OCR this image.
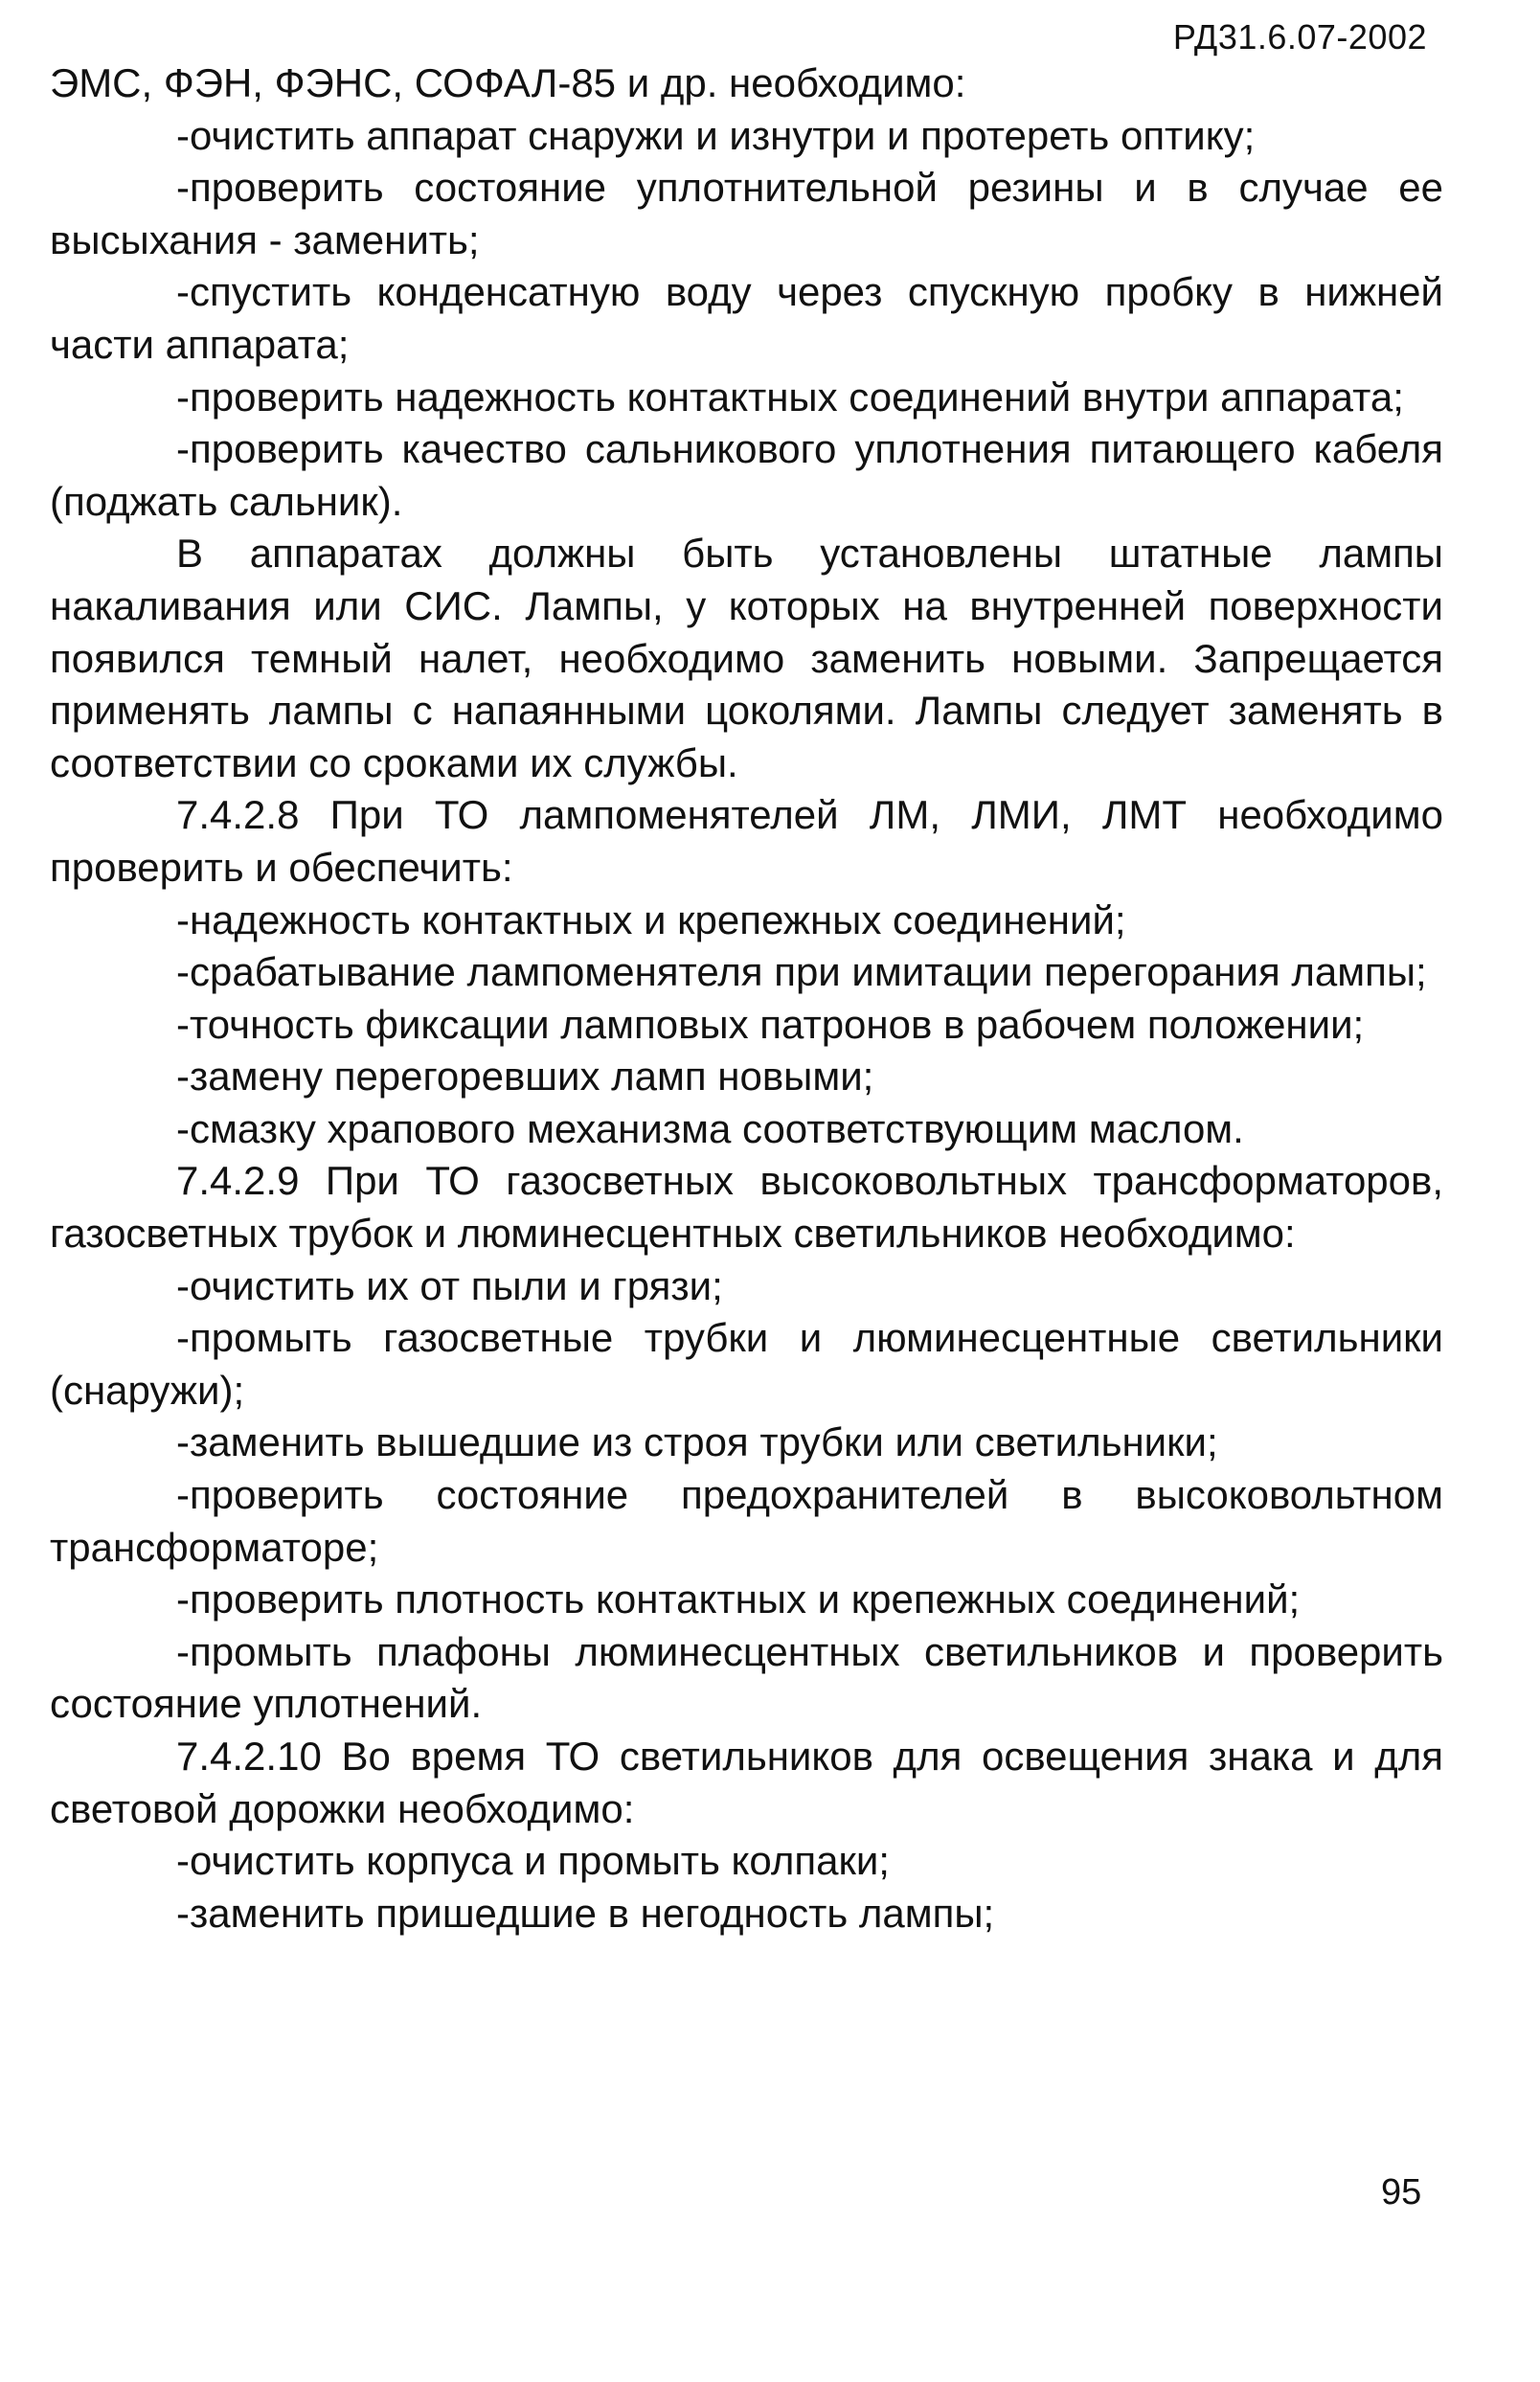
РД31.6.07-2002

ЭМС, ФЭН, ФЭНС, СОФАЛ-85 и др. необходимо:

-очистить аппарат снаружи и изнутри и протереть оптику;

-проверить состояние уплотнительной резины и в случае ее высыхания - заменить;

-спустить конденсатную воду через спускную пробку в нижней части аппарата;

-проверить надежность контактных соединений внутри аппарата;

-проверить качество сальникового уплотнения питающего кабеля (поджать сальник).

В аппаратах должны быть установлены штатные лампы накаливания или СИС. Лампы, у которых на внутренней поверхности появился темный налет, необходимо заменить новыми. Запрещается применять лампы с напаянными цоколями. Лампы следует заменять в соответствии со сроками их службы.

7.4.2.8 При ТО лампоменятелей ЛМ, ЛМИ, ЛМТ необходимо проверить и обеспечить:

-надежность контактных и крепежных соединений;

-срабатывание лампоменятеля при имитации перегорания лампы;

-точность фиксации ламповых патронов в рабочем положении;

-замену перегоревших ламп новыми;

-смазку храпового механизма соответствующим маслом.

7.4.2.9 При ТО газосветных высоковольтных трансформаторов, газосветных трубок и люминесцентных светильников необходимо:

-очистить их от пыли и грязи;

-промыть газосветные трубки и люминесцентные светильники (снаружи);

-заменить вышедшие из строя трубки или светильники;

-проверить состояние предохранителей в высоковольтном трансформаторе;

-проверить плотность контактных и крепежных соединений;

-промыть плафоны люминесцентных светильников и проверить состояние уплотнений.

7.4.2.10 Во время ТО светильников для освещения знака и для световой дорожки необходимо:

-очистить корпуса и промыть колпаки;

-заменить пришедшие в негодность лампы;

95
